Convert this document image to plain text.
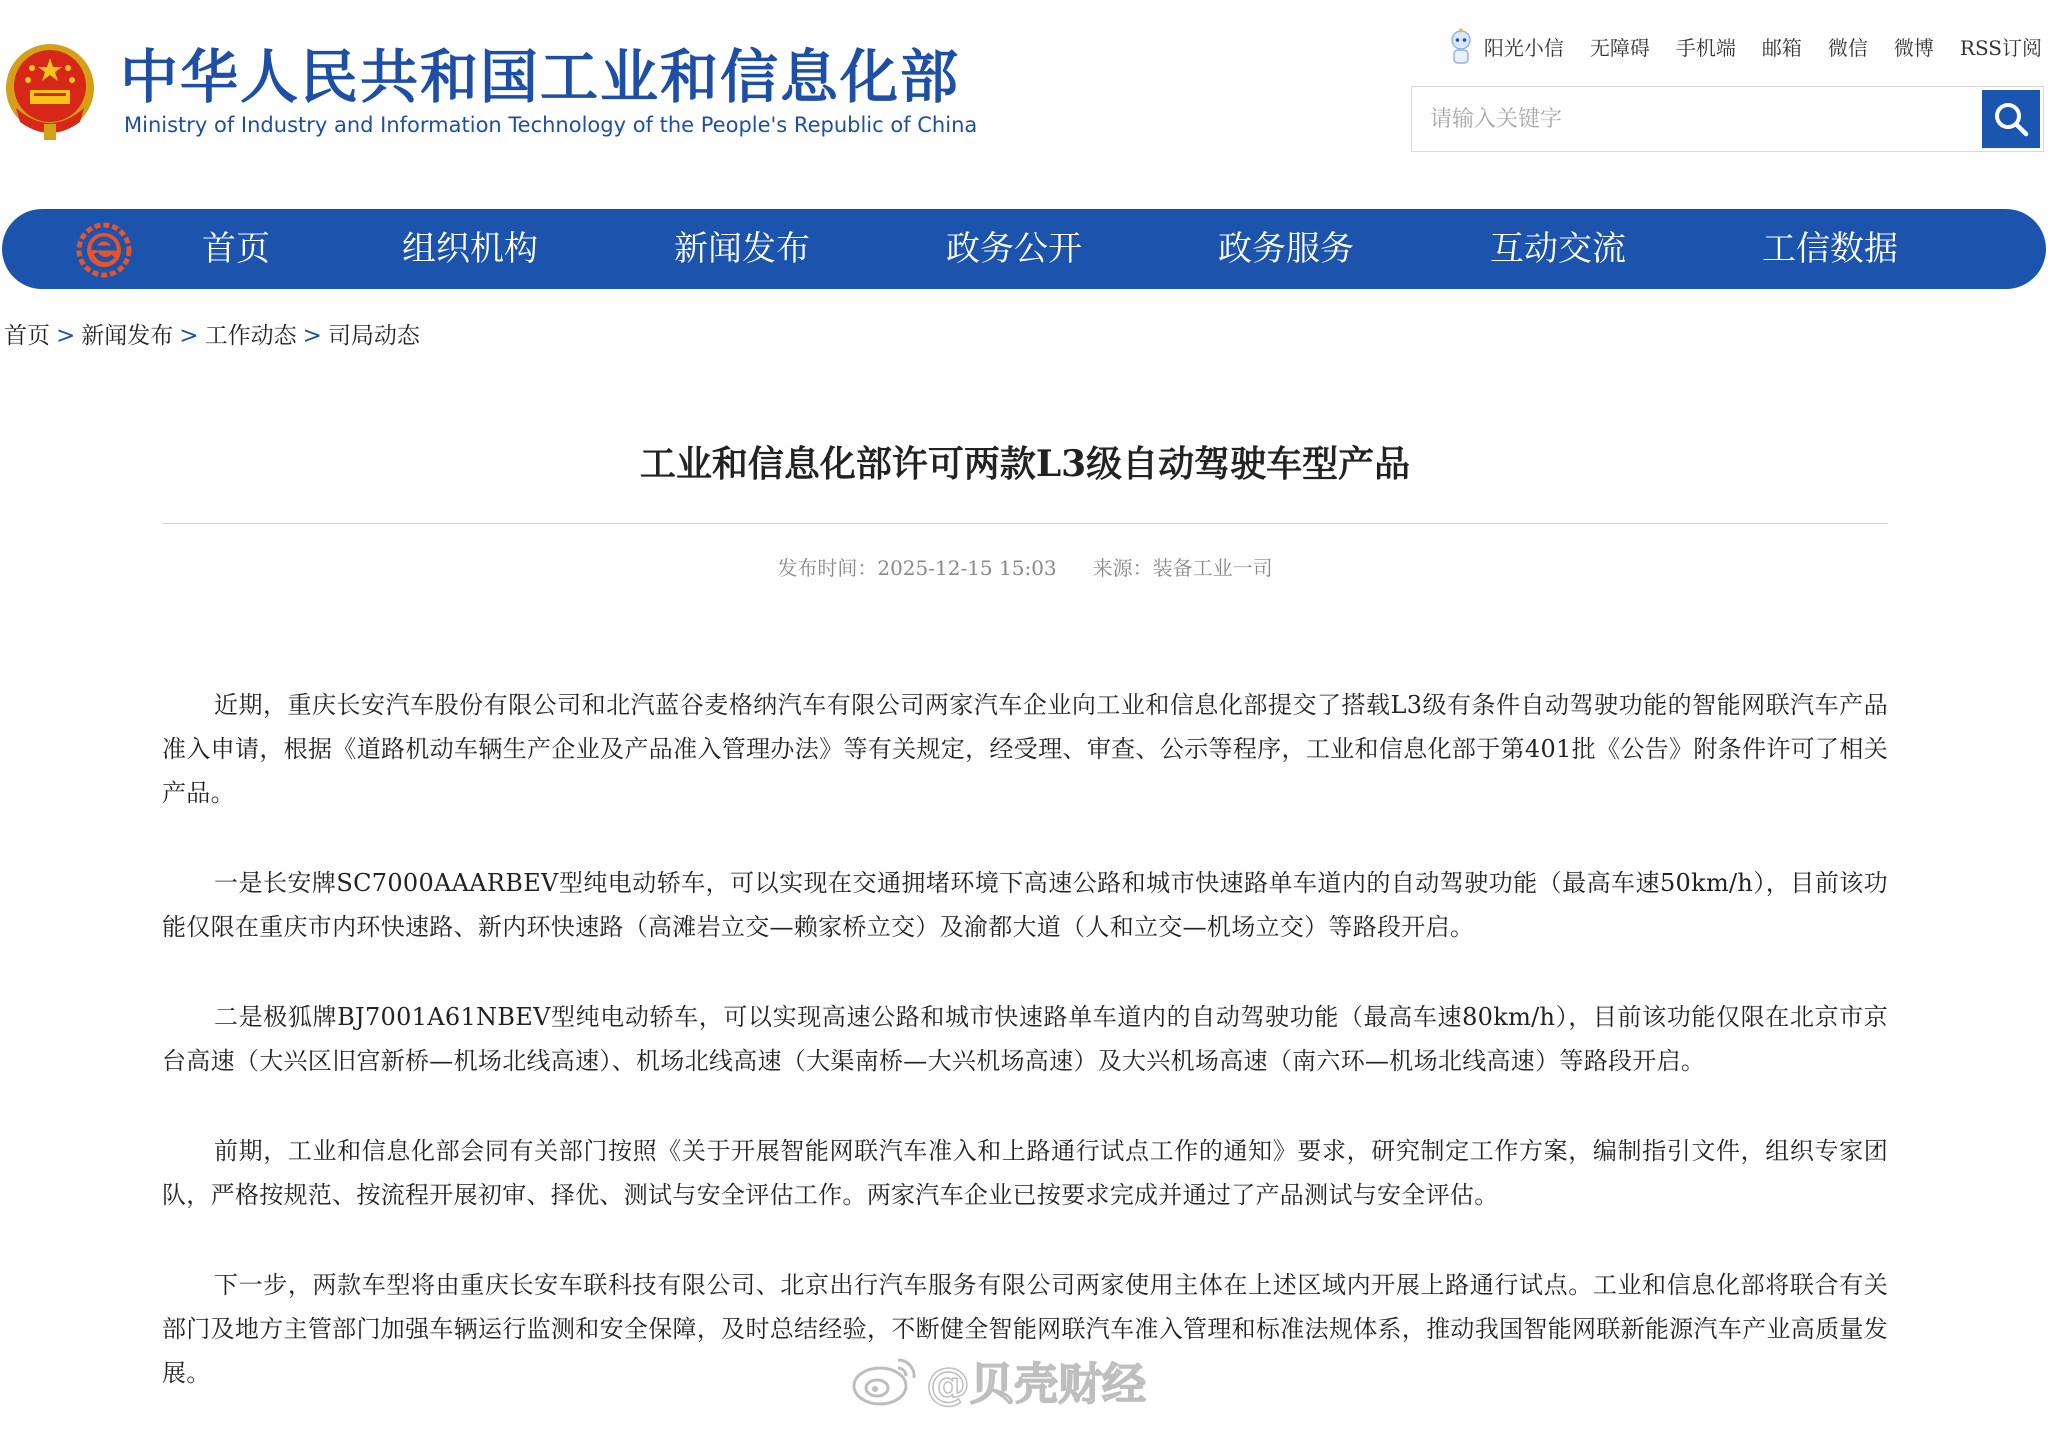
中华人民共和国工业和信息化部
Ministry of Industry and Information Technology of the People's Republic of China
阳光小信 无障碍 手机端 邮箱 微信 微博 RSS订阅
请输入关键字
首页	组织机构	新闻发布	政务公开	政务服务	互动交流	工信数据
首页 > 新闻发布 > 工作动态 > 司局动态
工业和信息化部许可两款L3级自动驾驶车型产品
发布时间：2025-12-15 15:03 来源：装备工业一司

近期，重庆长安汽车股份有限公司和北汽蓝谷麦格纳汽车有限公司两家汽车企业向工业和信息化部提交了搭载L3级有条件自动驾驶功能的智能网联汽车产品准入申请，根据《道路机动车辆生产企业及产品准入管理办法》等有关规定，经受理、审查、公示等程序，工业和信息化部于第401批《公告》附条件许可了相关产品。

一是长安牌SC7000AAARBEV型纯电动轿车，可以实现在交通拥堵环境下高速公路和城市快速路单车道内的自动驾驶功能（最高车速50km/h），目前该功能仅限在重庆市内环快速路、新内环快速路（高滩岩立交—赖家桥立交）及渝都大道（人和立交—机场立交）等路段开启。

二是极狐牌BJ7001A61NBEV型纯电动轿车，可以实现高速公路和城市快速路单车道内的自动驾驶功能（最高车速80km/h），目前该功能仅限在北京市京台高速（大兴区旧宫新桥—机场北线高速）、机场北线高速（大渠南桥—大兴机场高速）及大兴机场高速（南六环—机场北线高速）等路段开启。

前期，工业和信息化部会同有关部门按照《关于开展智能网联汽车准入和上路通行试点工作的通知》要求，研究制定工作方案，编制指引文件，组织专家团队，严格按规范、按流程开展初审、择优、测试与安全评估工作。两家汽车企业已按要求完成并通过了产品测试与安全评估。

下一步，两款车型将由重庆长安车联科技有限公司、北京出行汽车服务有限公司两家使用主体在上述区域内开展上路通行试点。工业和信息化部将联合有关部门及地方主管部门加强车辆运行监测和安全保障，及时总结经验，不断健全智能网联汽车准入管理和标准法规体系，推动我国智能网联新能源汽车产业高质量发展。	@贝壳财经
